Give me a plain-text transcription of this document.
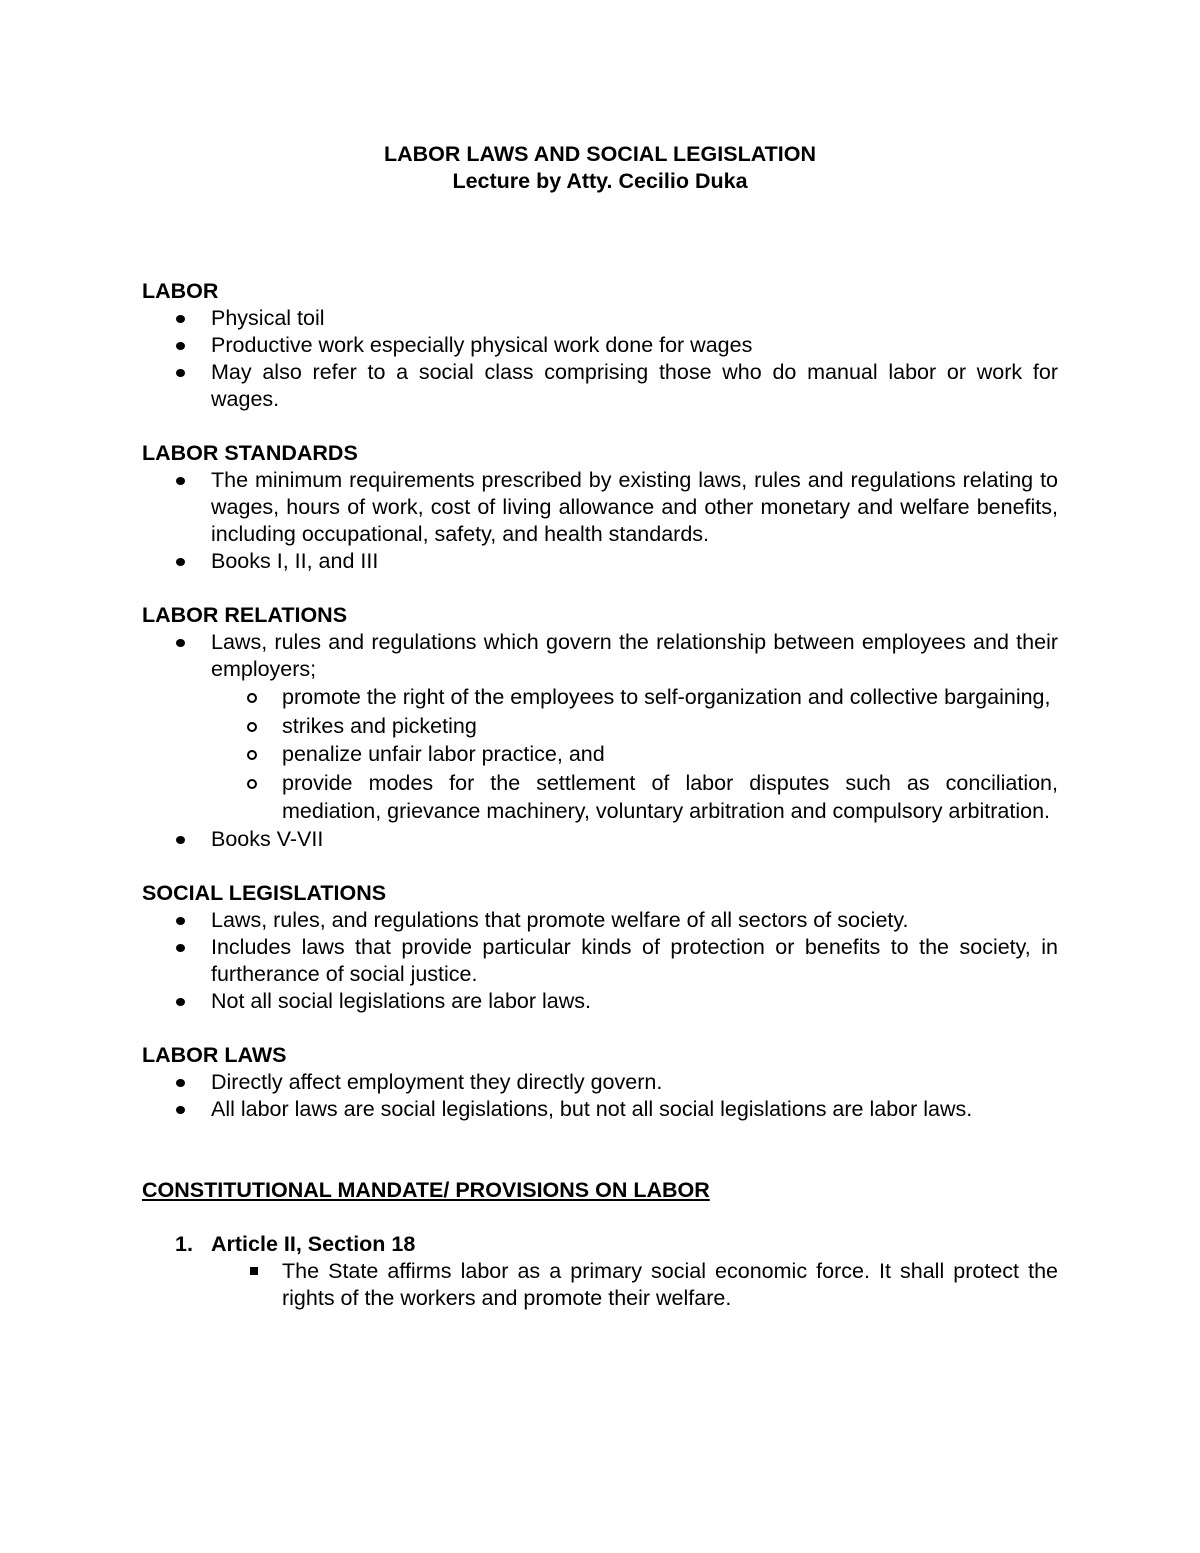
LABOR LAWS AND SOCIAL LEGISLATION
Lecture by Atty. Cecilio Duka
LABOR
Physical toil
Productive work especially physical work done for wages
May also refer to a social class comprising those who do manual labor or work for wages.
LABOR STANDARDS
The minimum requirements prescribed by existing laws, rules and regulations relating to wages, hours of work, cost of living allowance and other monetary and welfare benefits, including occupational, safety, and health standards.
Books I, II, and III
LABOR RELATIONS
Laws, rules and regulations which govern the relationship between employees and their employers;
promote the right of the employees to self-organization and collective bargaining,
strikes and picketing
penalize unfair labor practice, and
provide modes for the settlement of labor disputes such as conciliation, mediation, grievance machinery, voluntary arbitration and compulsory arbitration.
Books V-VII
SOCIAL LEGISLATIONS
Laws, rules, and regulations that promote welfare of all sectors of society.
Includes laws that provide particular kinds of protection or benefits to the society, in furtherance of social justice.
Not all social legislations are labor laws.
LABOR LAWS
Directly affect employment they directly govern.
All labor laws are social legislations, but not all social legislations are labor laws.
CONSTITUTIONAL MANDATE/ PROVISIONS ON LABOR
1. Article II, Section 18
The State affirms labor as a primary social economic force. It shall protect the rights of the workers and promote their welfare.
